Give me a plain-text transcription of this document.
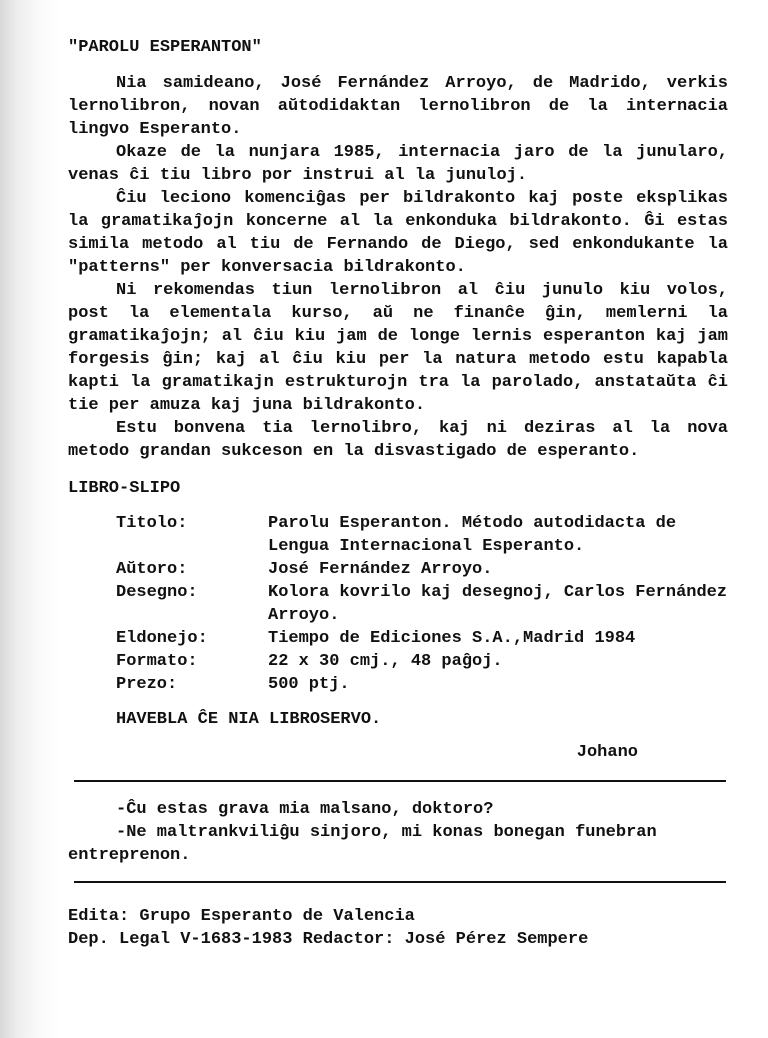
"PAROLU ESPERANTON"

Nia samideano, José Fernández Arroyo, de Madrido, verkis lernolibron, novan aŭtodidaktan lernolibron de la internacia lingvo Esperanto.

Okaze de la nunjara 1985, internacia jaro de la junularo, venas ĉi tiu libro por instrui al la junuloj.

Ĉiu leciono komenciĝas per bildrakonto kaj poste eksplikas la gramatikaĵojn koncerne al la enkonduka bildrakonto. Ĝi estas simila metodo al tiu de Fernando de Diego, sed enkondukante la "patterns" per konversacia bildrakonto.

Ni rekomendas tiun lernolibron al ĉiu junulo kiu volos, post la elementala kurso, aŭ ne finanĉe ĝin, memlerni la gramatikaĵojn; al ĉiu kiu jam de longe lernis esperanton kaj jam forgesis ĝin; kaj al ĉiu kiu per la natura metodo estu kapabla kapti la gramatikajn estrukturojn tra la parolado, anstataŭta ĉi tie per amuza kaj juna bildrakonto.

Estu bonvena tia lernolibro, kaj ni deziras al la nova metodo grandan sukceson en la disvastigado de esperanto.

LIBRO-SLIPO

Titolo:	Parolu Esperanton. Método autodidacta de Lengua Internacional Esperanto.
Aŭtoro:	José Fernández Arroyo.
Desegno:	Kolora kovrilo kaj desegnoj, Carlos Fernández Arroyo.
Eldonejo:	Tiempo de Ediciones S.A.,Madrid 1984
Formato:	22 x 30 cmj., 48 paĝoj.
Prezo:	500 ptj.

HAVEBLA ĈE NIA LIBROSERVO.

Johano

-Ĉu estas grava mia malsano, doktoro?

-Ne maltrankviliĝu sinjoro, mi konas bonegan funebran entreprenon.

Edita: Grupo Esperanto de Valencia

Dep. Legal V-1683-1983 Redactor: José Pérez Sempere
